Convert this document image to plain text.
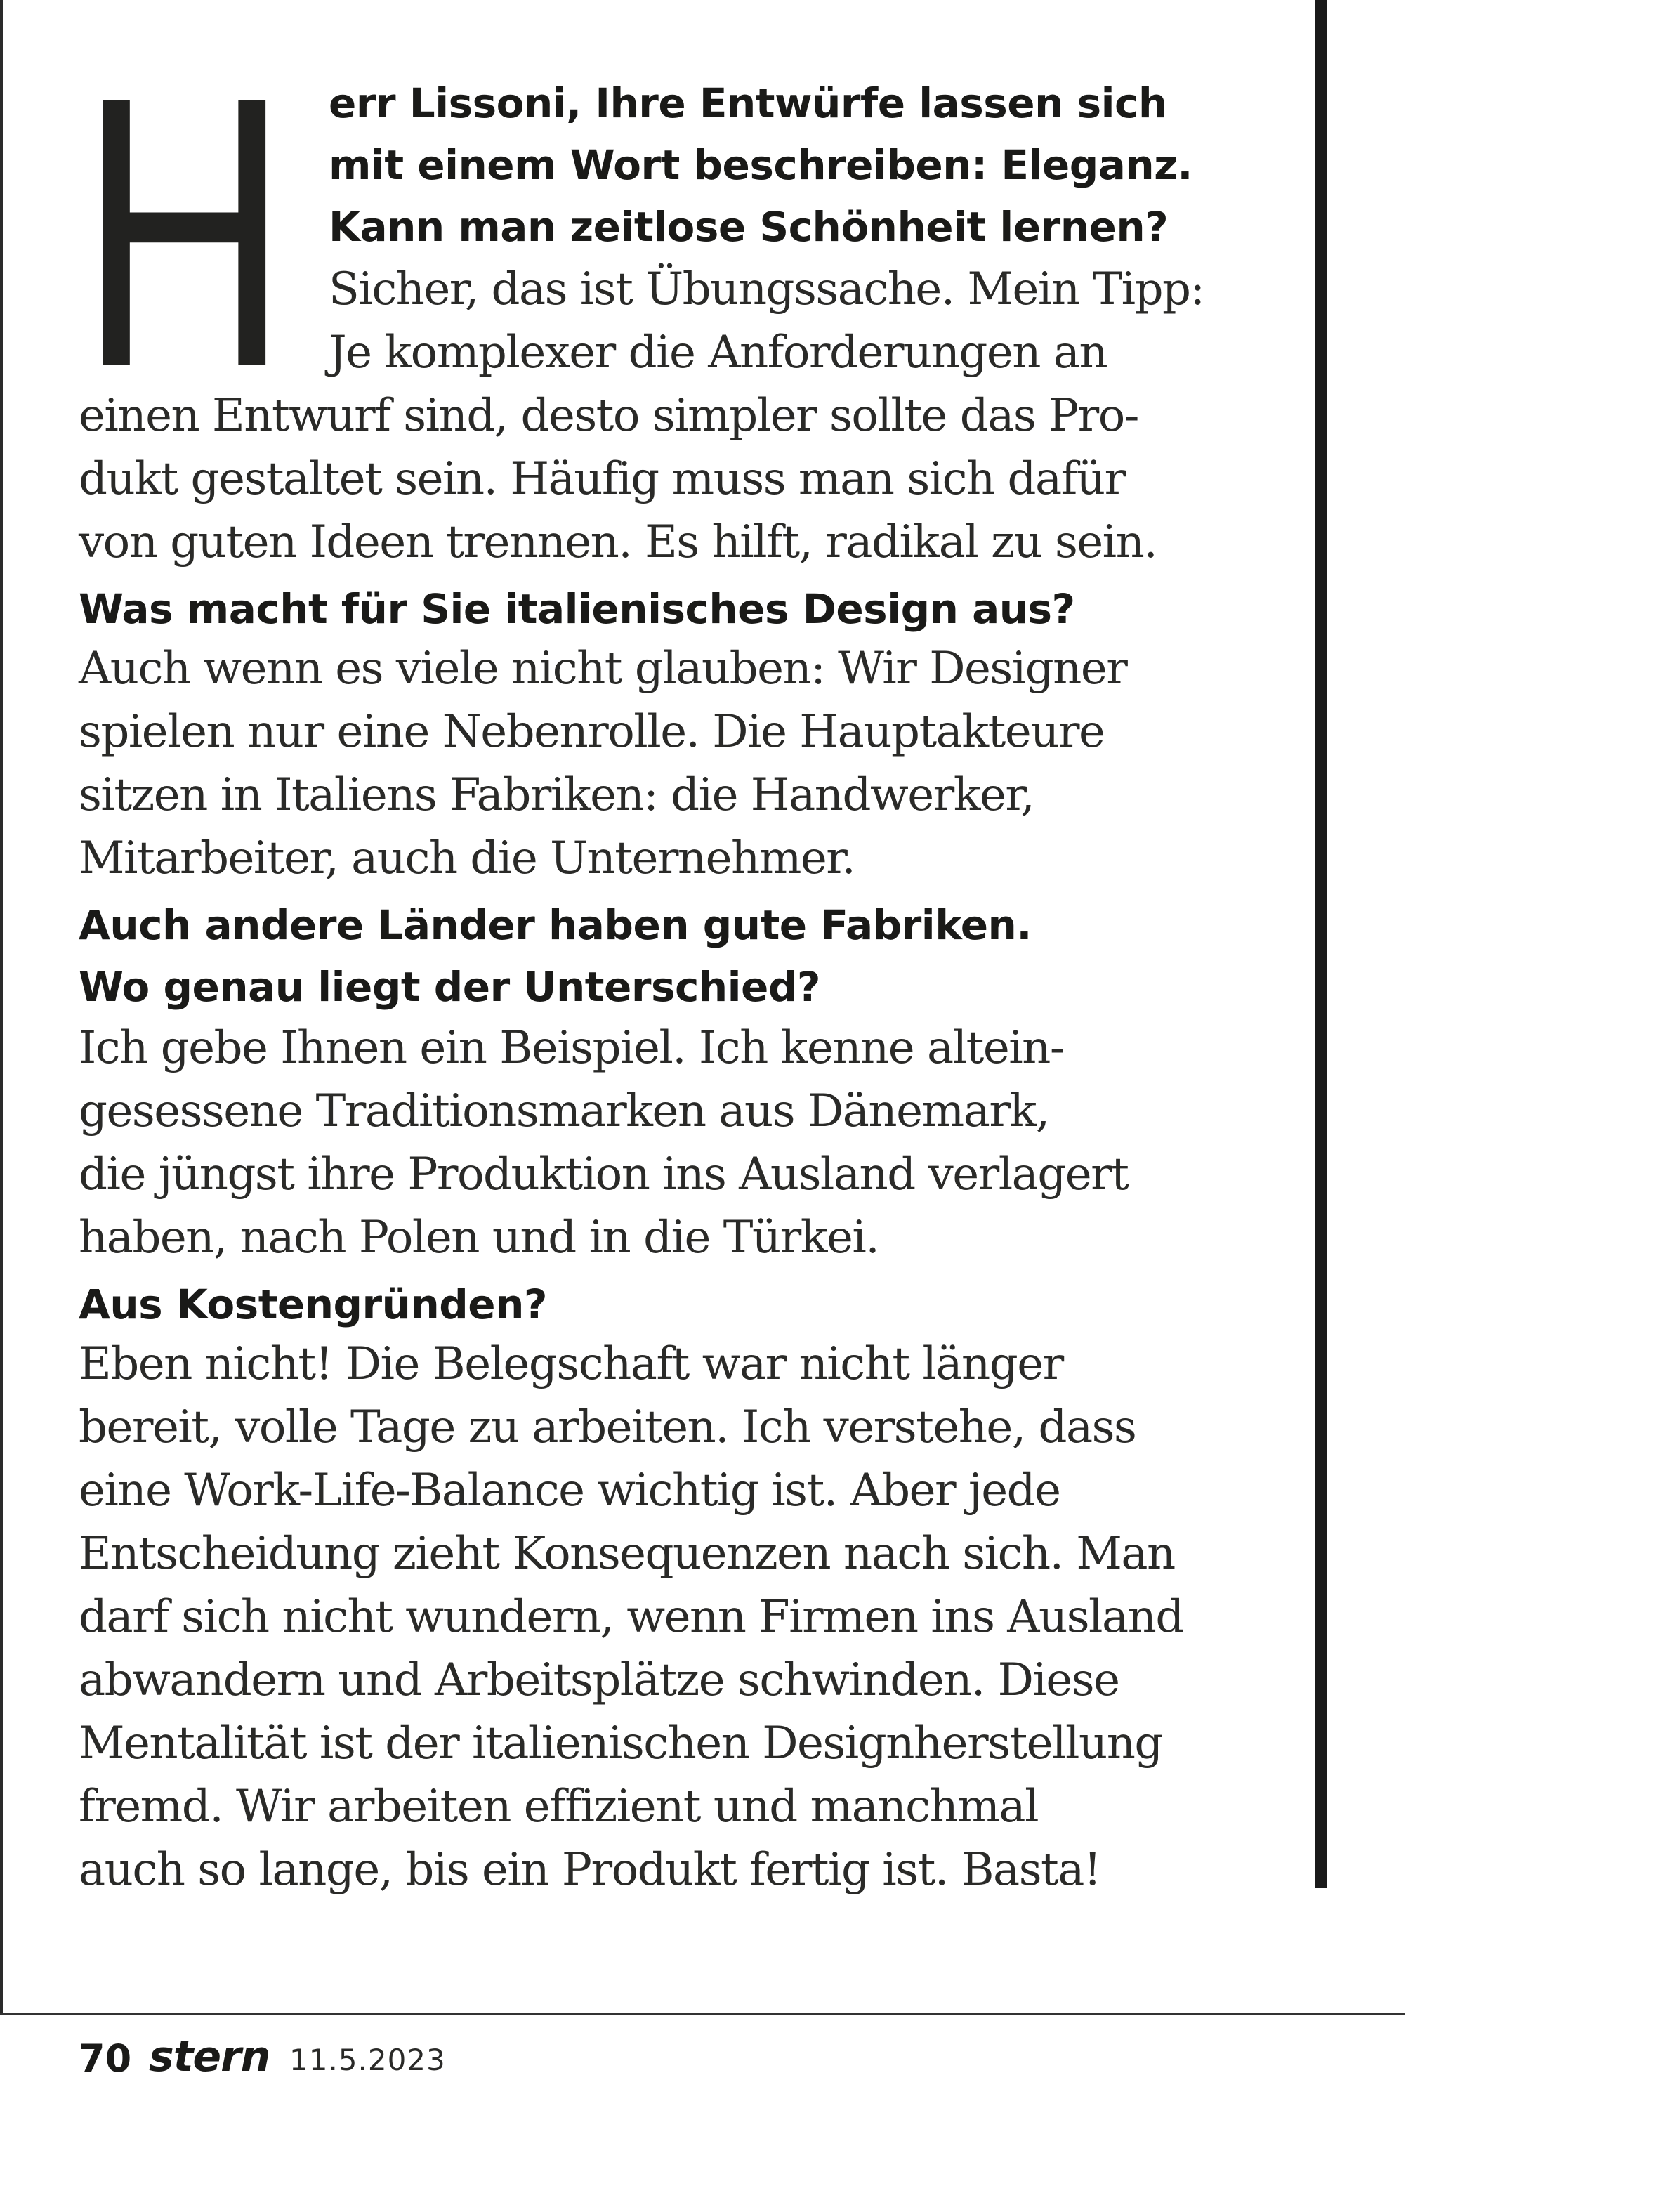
H err Lissoni, Ihre Entwürfe lassen sich
mit einem Wort beschreiben: Eleganz.
Kann man zeitlose Schönheit lernen?
Sicher, das ist Übungssache. Mein Tipp:
Je komplexer die Anforderungen an
einen Entwurf sind, desto simpler sollte das Pro-
dukt gestaltet sein. Häufig muss man sich dafür
von guten Ideen trennen. Es hilft, radikal zu sein.
Was macht für Sie italienisches Design aus?
Auch wenn es viele nicht glauben: Wir Designer
spielen nur eine Nebenrolle. Die Hauptakteure
sitzen in Italiens Fabriken: die Handwerker,
Mitarbeiter, auch die Unternehmer.
Auch andere Länder haben gute Fabriken.
Wo genau liegt der Unterschied?
Ich gebe Ihnen ein Beispiel. Ich kenne altein-
gesessene Traditionsmarken aus Dänemark,
die jüngst ihre Produktion ins Ausland verlagert
haben, nach Polen und in die Türkei.
Aus Kostengründen?
Eben nicht! Die Belegschaft war nicht länger
bereit, volle Tage zu arbeiten. Ich verstehe, dass
eine Work-Life-Balance wichtig ist. Aber jede
Entscheidung zieht Konsequenzen nach sich. Man
darf sich nicht wundern, wenn Firmen ins Ausland
abwandern und Arbeitsplätze schwinden. Diese
Mentalität ist der italienischen Designherstellung
fremd. Wir arbeiten effizient und manchmal
auch so lange, bis ein Produkt fertig ist. Basta!
70 stern 11.5.2023
